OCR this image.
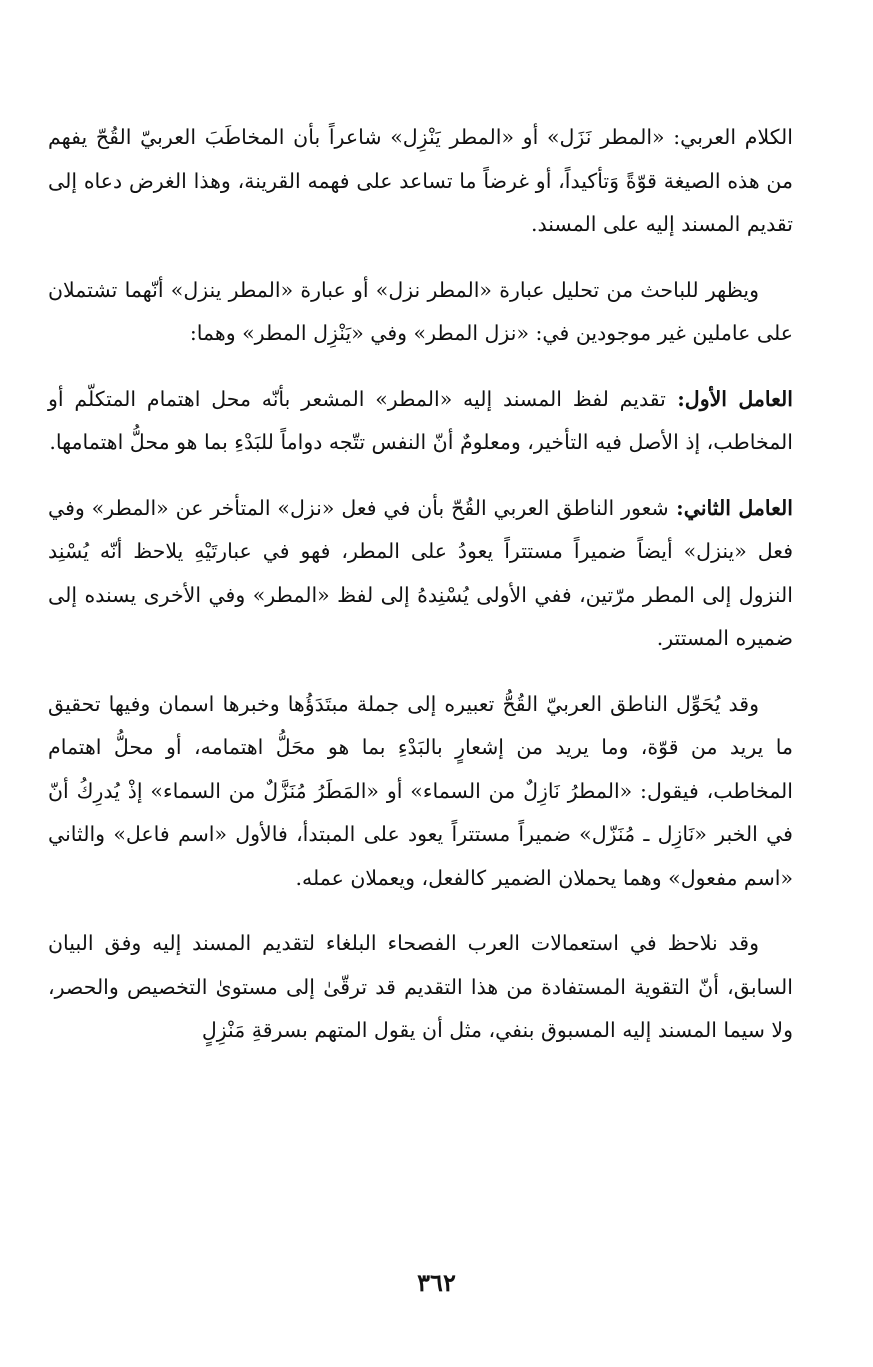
الكلام العربي: «المطر نَزَل» أو «المطر يَنْزِل» شاعراً بأن المخاطَبَ العربيّ القُحّ يفهم من هذه الصيغة قوّةً وَتأكيداً، أو غرضاً ما تساعد على فهمه القرينة، وهذا الغرض دعاه إلى تقديم المسند إليه على المسند.

ويظهر للباحث من تحليل عبارة «المطر نزل» أو عبارة «المطر ينزل» أنّهما تشتملان على عاملين غير موجودين في: «نزل المطر» وفي «يَنْزِل المطر» وهما:

العامل الأول: تقديم لفظ المسند إليه «المطر» المشعر بأنّه محل اهتمام المتكلّم أو المخاطب، إذ الأصل فيه التأخير، ومعلومٌ أنّ النفس تتّجه دواماً للبَدْءِ بما هو محلُّ اهتمامها.

العامل الثاني: شعور الناطق العربي القُحّ بأن في فعل «نزل» المتأخر عن «المطر» وفي فعل «ينزل» أيضاً ضميراً مستتراً يعودُ على المطر، فهو في عبارتَيْهِ يلاحظ أنّه يُسْنِد النزول إلى المطر مرّتين، ففي الأولى يُسْنِدهُ إلى لفظ «المطر» وفي الأخرى يسنده إلى ضميره المستتر.

وقد يُحَوِّل الناطق العربيّ القُحُّ تعبيره إلى جملة مبتَدَؤُها وخبرها اسمان وفيها تحقيق ما يريد من قوّة، وما يريد من إشعارٍ بالبَدْءِ بما هو محَلُّ اهتمامه، أو محلُّ اهتمام المخاطب، فيقول: «المطرُ نَازِلٌ من السماء» أو «المَطَرُ مُنَزَّلٌ من السماء» إذْ يُدرِكُ أنّ في الخبر «نَازِل ـ مُنَزّل» ضميراً مستتراً يعود على المبتدأ، فالأول «اسم فاعل» والثاني «اسم مفعول» وهما يحملان الضمير كالفعل، ويعملان عمله.

وقد نلاحظ في استعمالات العرب الفصحاء البلغاء لتقديم المسند إليه وفق البيان السابق، أنّ التقوية المستفادة من هذا التقديم قد ترقّىٰ إلى مستوىٰ التخصيص والحصر، ولا سيما المسند إليه المسبوق بنفي، مثل أن يقول المتهم بسرقةِ مَنْزِلٍ

٣٦٢
